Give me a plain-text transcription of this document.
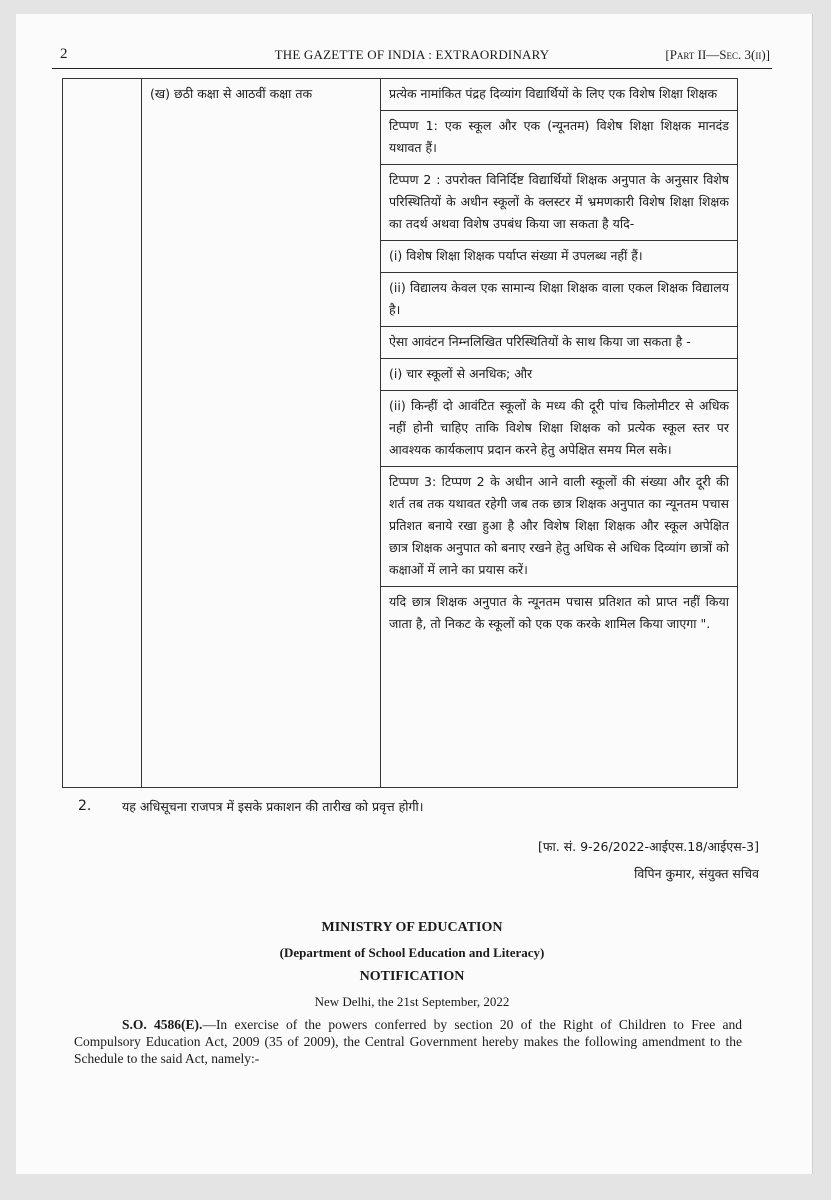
2	THE GAZETTE OF INDIA : EXTRAORDINARY	[Part II—Sec. 3(ii)]
	(ख) छठी कक्षा से आठवीं कक्षा तक	प्रत्येक नामांकित पंद्रह दिव्यांग विद्यार्थियों के लिए एक विशेष शिक्षा शिक्षक
टिप्पण 1: एक स्कूल और एक (न्यूनतम) विशेष शिक्षा शिक्षक मानदंड यथावत हैं।
टिप्पण 2 : उपरोक्त विनिर्दिष्ट विद्यार्थियों शिक्षक अनुपात के अनुसार विशेष परिस्थितियों के अधीन स्कूलों के क्लस्टर में भ्रमणकारी विशेष शिक्षा शिक्षक का तदर्थ अथवा विशेष उपबंध किया जा सकता है यदि-
(i) विशेष शिक्षा शिक्षक पर्याप्त संख्या में उपलब्ध नहीं हैं।
(ii) विद्यालय केवल एक सामान्य शिक्षा शिक्षक वाला एकल शिक्षक विद्यालय है।
ऐसा आवंटन निम्नलिखित परिस्थितियों के साथ किया जा सकता है -
(i) चार स्कूलों से अनधिक; और
(ii) किन्हीं दो आवंटित स्कूलों के मध्य की दूरी पांच किलोमीटर से अधिक नहीं होनी चाहिए ताकि विशेष शिक्षा शिक्षक को प्रत्येक स्कूल स्तर पर आवश्यक कार्यकलाप प्रदान करने हेतु अपेक्षित समय मिल सके।
टिप्पण 3: टिप्पण 2 के अधीन आने वाली स्कूलों की संख्या और दूरी की शर्त तब तक यथावत रहेगी जब तक छात्र शिक्षक अनुपात का न्यूनतम पचास प्रतिशत बनाये रखा हुआ है और विशेष शिक्षा शिक्षक और स्कूल अपेक्षित छात्र शिक्षक अनुपात को बनाए रखने हेतु अधिक से अधिक दिव्यांग छात्रों को कक्षाओं में लाने का प्रयास करें।
यदि छात्र शिक्षक अनुपात के न्यूनतम पचास प्रतिशत को प्राप्त नहीं किया जाता है, तो निकट के स्कूलों को एक एक करके शामिल किया जाएगा ".
2. यह अधिसूचना राजपत्र में इसके प्रकाशन की तारीख को प्रवृत्त होगी।
[फा. सं. 9-26/2022-आईएस.18/आईएस-3]
विपिन कुमार, संयुक्त सचिव
MINISTRY OF EDUCATION
(Department of School Education and Literacy)
NOTIFICATION
New Delhi, the 21st September, 2022
S.O. 4586(E).—In exercise of the powers conferred by section 20 of the Right of Children to Free and Compulsory Education Act, 2009 (35 of 2009), the Central Government hereby makes the following amendment to the Schedule to the said Act, namely:-
